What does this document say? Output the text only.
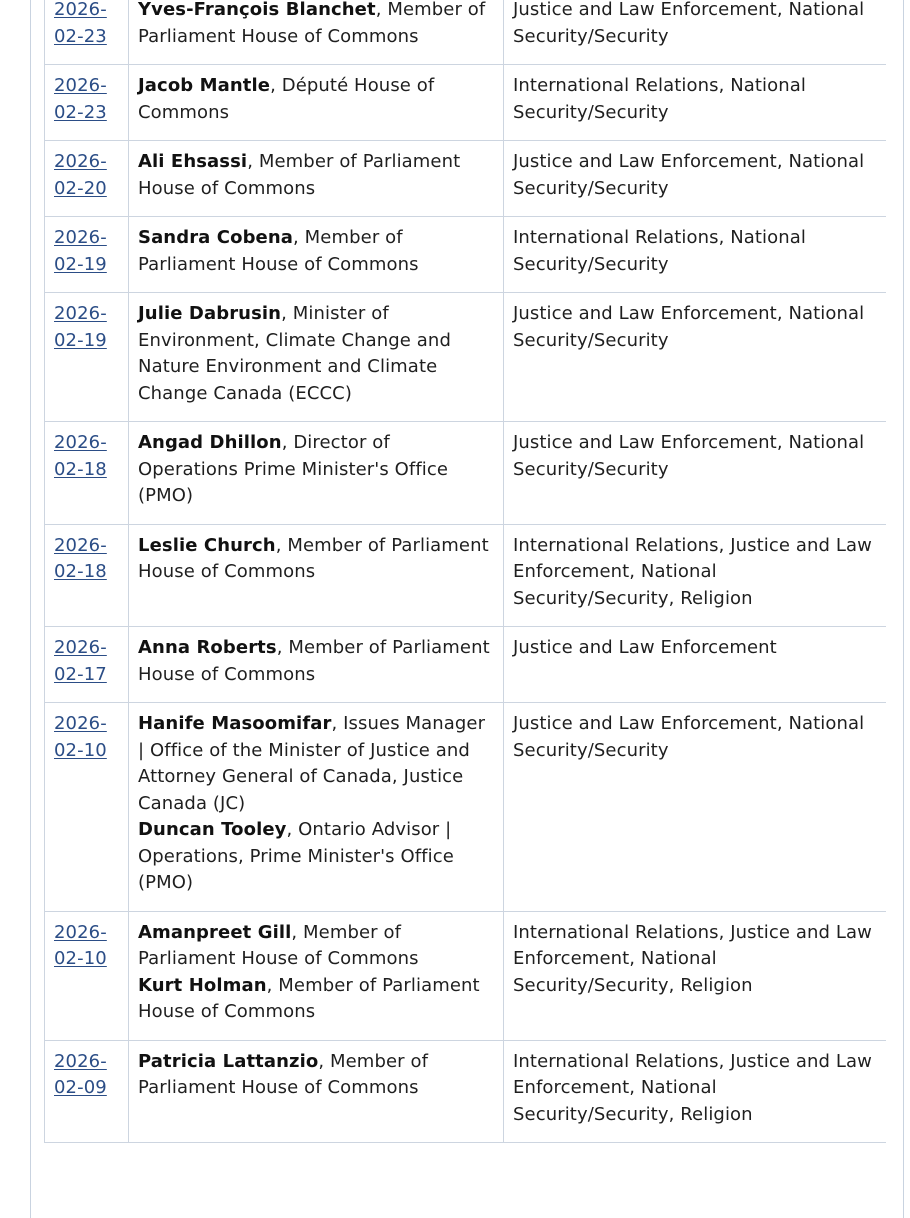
2026-02-23	Yves-François Blanchet, Member of Parliament House of Commons	Justice and Law Enforcement, National Security/Security

2026-02-23	Jacob Mantle, Député House of Commons	International Relations, National Security/Security

2026-02-20	Ali Ehsassi, Member of Parliament House of Commons	Justice and Law Enforcement, National Security/Security

2026-02-19	Sandra Cobena, Member of Parliament House of Commons	International Relations, National Security/Security

2026-02-19	Julie Dabrusin, Minister of Environment, Climate Change and Nature Environment and Climate Change Canada (ECCC)	Justice and Law Enforcement, National Security/Security

2026-02-18	Angad Dhillon, Director of Operations Prime Minister's Office (PMO)	Justice and Law Enforcement, National Security/Security

2026-02-18	Leslie Church, Member of Parliament House of Commons	International Relations, Justice and Law Enforcement, National Security/Security, Religion

2026-02-17	Anna Roberts, Member of Parliament House of Commons	Justice and Law Enforcement

2026-02-10	Hanife Masoomifar, Issues Manager | Office of the Minister of Justice and Attorney General of Canada, Justice Canada (JC)
Duncan Tooley, Ontario Advisor | Operations, Prime Minister's Office (PMO)	Justice and Law Enforcement, National Security/Security

2026-02-10	Amanpreet Gill, Member of Parliament House of Commons
Kurt Holman, Member of Parliament House of Commons	International Relations, Justice and Law Enforcement, National Security/Security, Religion

2026-02-09	Patricia Lattanzio, Member of Parliament House of Commons	International Relations, Justice and Law Enforcement, National Security/Security, Religion
